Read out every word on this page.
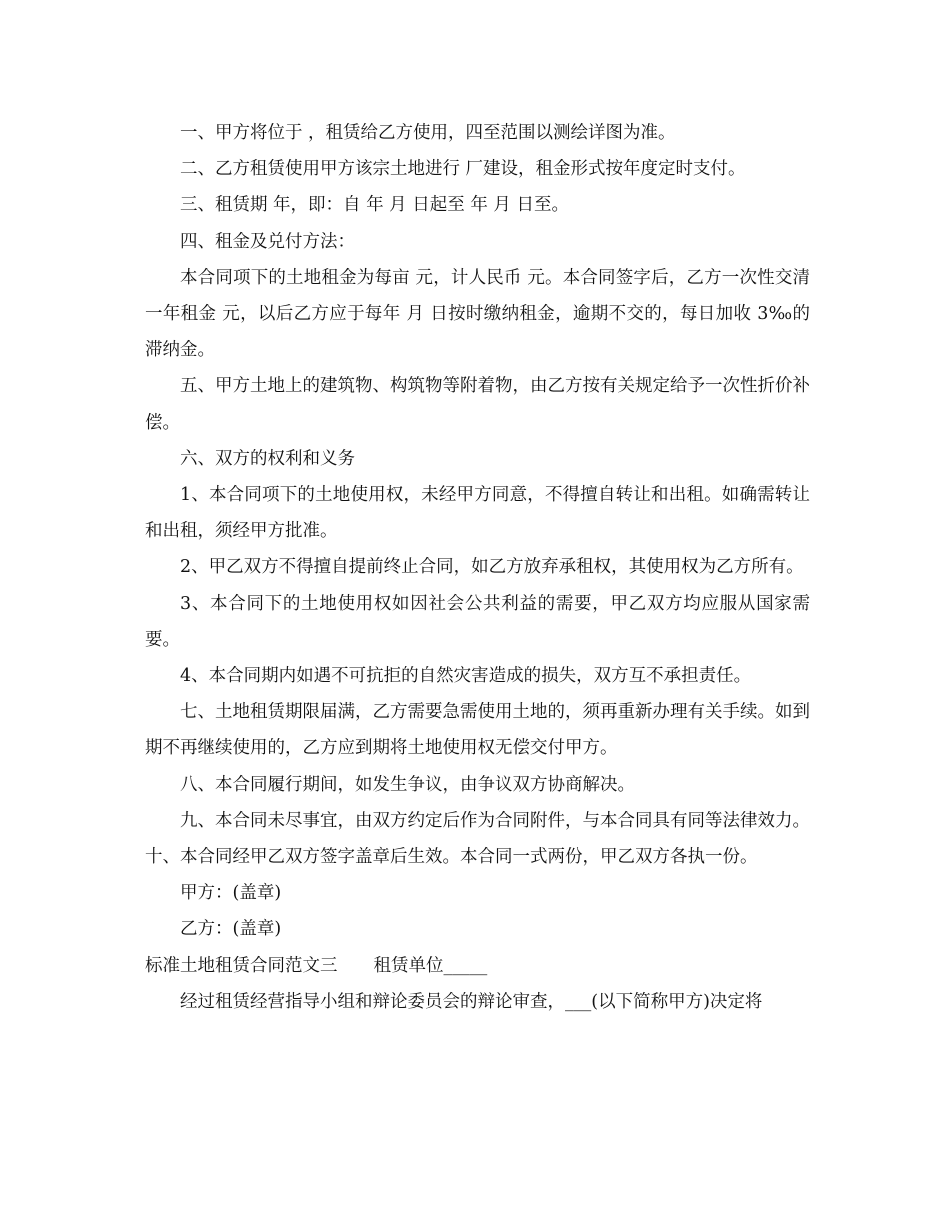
一、甲方将位于 ，租赁给乙方使用，四至范围以测绘详图为准。

二、乙方租赁使用甲方该宗土地进行 厂建设，租金形式按年度定时支付。

三、租赁期 年，即：自 年 月 日起至 年 月 日至。

四、租金及兑付方法：

本合同项下的土地租金为每亩 元，计人民币 元。本合同签字后，乙方一次性交清一年租金 元，以后乙方应于每年 月 日按时缴纳租金，逾期不交的，每日加收 3‰的滞纳金。

五、甲方土地上的建筑物、构筑物等附着物，由乙方按有关规定给予一次性折价补偿。

六、双方的权利和义务

1、本合同项下的土地使用权，未经甲方同意，不得擅自转让和出租。如确需转让和出租，须经甲方批准。

2、甲乙双方不得擅自提前终止合同，如乙方放弃承租权，其使用权为乙方所有。

3、本合同下的土地使用权如因社会公共利益的需要，甲乙双方均应服从国家需要。

4、本合同期内如遇不可抗拒的自然灾害造成的损失，双方互不承担责任。

七、土地租赁期限届满，乙方需要急需使用土地的，须再重新办理有关手续。如到期不再继续使用的，乙方应到期将土地使用权无偿交付甲方。

八、本合同履行期间，如发生争议，由争议双方协商解决。

九、本合同未尽事宜，由双方约定后作为合同附件，与本合同具有同等法律效力。十、本合同经甲乙双方签字盖章后生效。本合同一式两份，甲乙双方各执一份。

甲方：(盖章)

乙方：(盖章)

标准土地租赁合同范文三 租赁单位_____

经过租赁经营指导小组和辩论委员会的辩论审查，___(以下简称甲方)决定将
